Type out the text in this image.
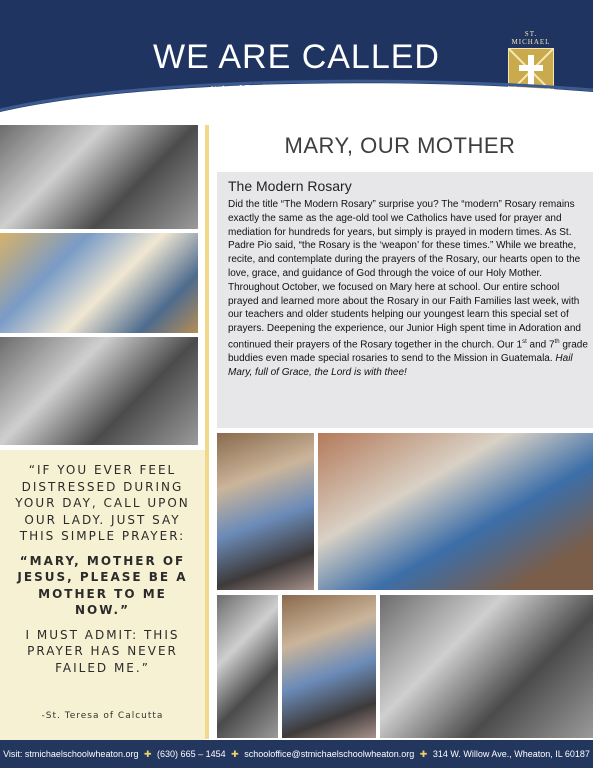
WE ARE CALLED
ST. MICHAEL

“IF YOU EVER FEEL DISTRESSED DURING YOUR DAY, CALL UPON OUR LADY. JUST SAY THIS SIMPLE PRAYER:

“MARY, MOTHER OF JESUS, PLEASE BE A MOTHER TO ME NOW.”

I MUST ADMIT: THIS PRAYER HAS NEVER FAILED ME.”

-St. Teresa of Calcutta
MARY, OUR MOTHER
The Modern Rosary

Did the title “The Modern Rosary” surprise you? The “modern” Rosary remains exactly the same as the age-old tool we Catholics have used for prayer and mediation for hundreds for years, but simply is prayed in modern times. As St. Padre Pio said, “the Rosary is the ‘weapon’ for these times.” While we breathe, recite, and contemplate during the prayers of the Rosary, our hearts open to the love, grace, and guidance of God through the voice of our Holy Mother. Throughout October, we focused on Mary here at school. Our entire school prayed and learned more about the Rosary in our Faith Families last week, with our teachers and older students helping our youngest learn this special set of prayers. Deepening the experience, our Junior High spent time in Adoration and continued their prayers of the Rosary together in the church. Our 1st and 7th grade buddies even made special rosaries to send to the Mission in Guatemala. Hail Mary, full of Grace, the Lord is with thee!

Visit: stmichaelschoolwheaton.org ✚ (630) 665 – 1454 ✚ schooloffice@stmichaelschoolwheaton.org ✚ 314 W. Willow Ave., Wheaton, IL 60187
